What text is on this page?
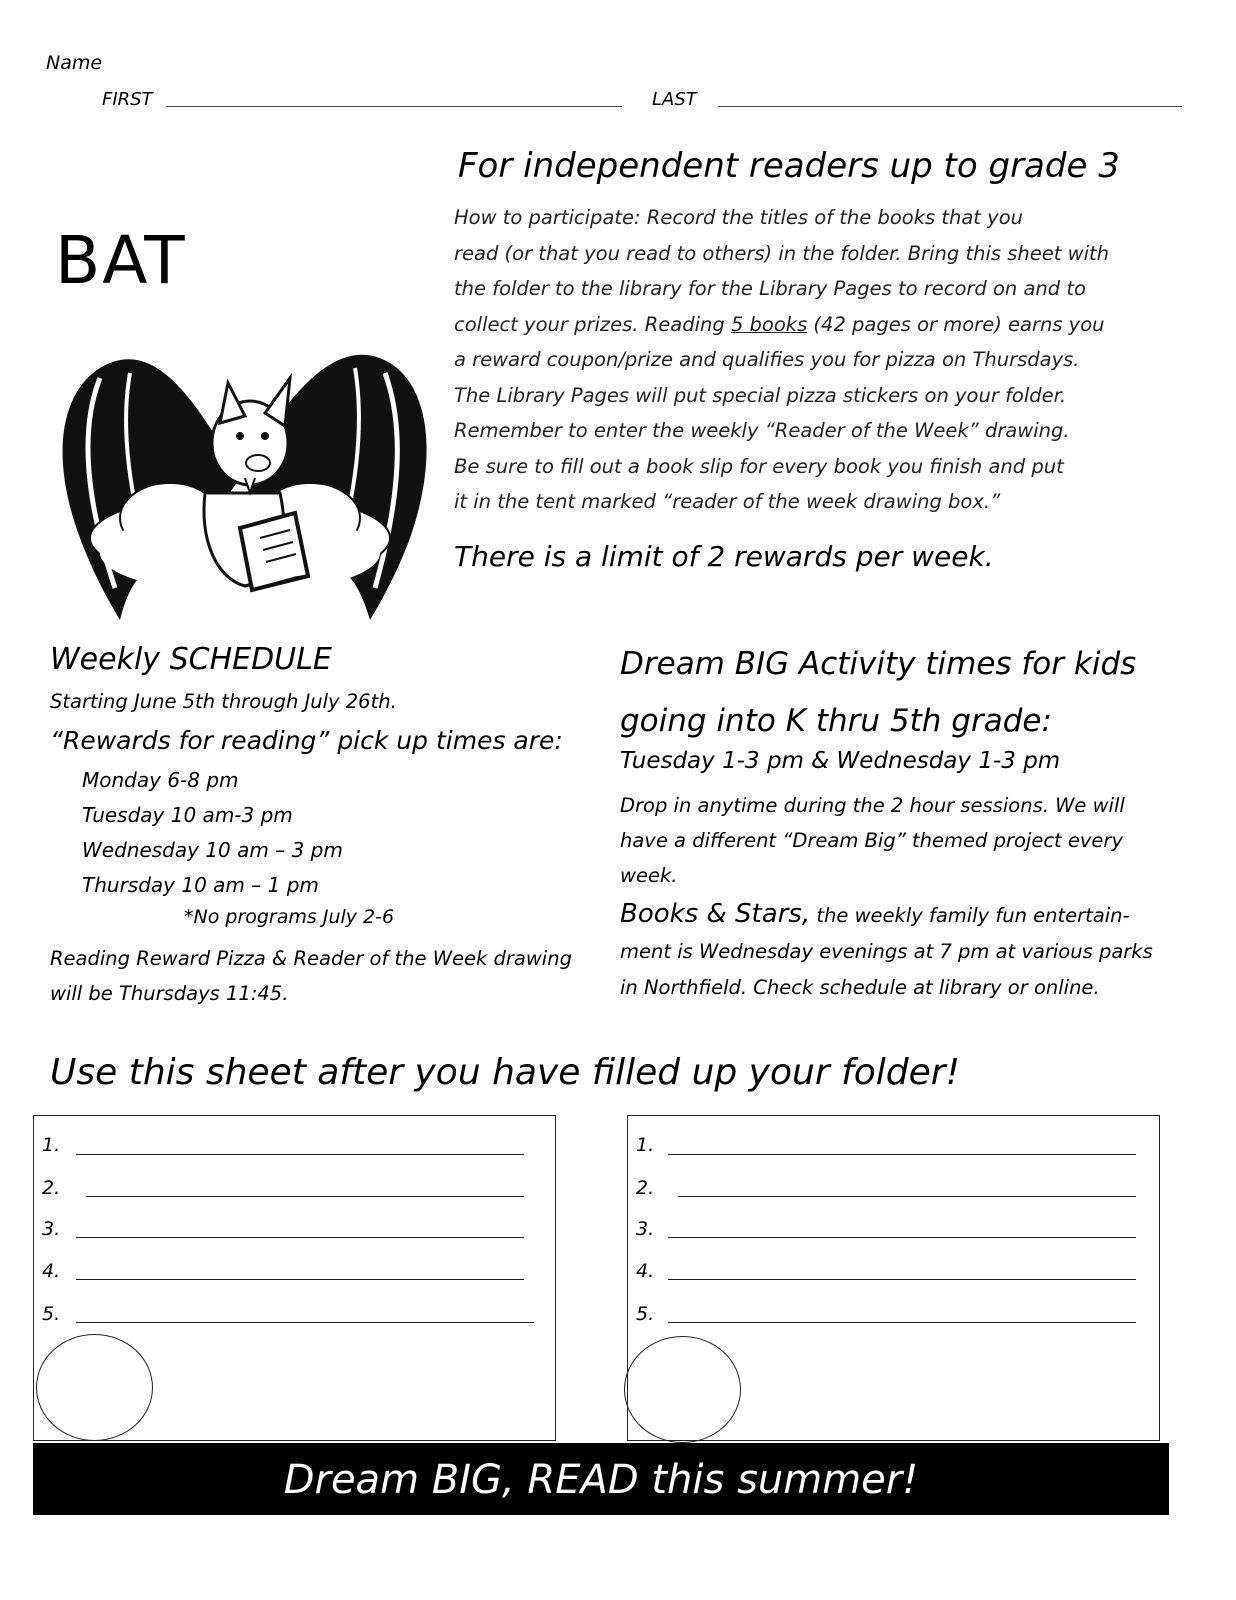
Name
FIRST	LAST
For independent readers up to grade 3
BAT
How to participate: Record the titles of the books that you
read (or that you read to others) in the folder. Bring this sheet with
the folder to the library for the Library Pages to record on and to
collect your prizes. Reading 5 books (42 pages or more) earns you
a reward coupon/prize and qualifies you for pizza on Thursdays.
The Library Pages will put special pizza stickers on your folder.
Remember to enter the weekly “Reader of the Week” drawing.
Be sure to fill out a book slip for every book you finish and put
it in the tent marked “reader of the week drawing box.”
There is a limit of 2 rewards per week.
Weekly SCHEDULE
Starting June 5th through July 26th.
“Rewards for reading” pick up times are:
Monday 6-8 pm
Tuesday 10 am-3 pm
Wednesday 10 am – 3 pm
Thursday 10 am – 1 pm
*No programs July 2-6
Reading Reward Pizza & Reader of the Week drawing
will be Thursdays 11:45.
Dream BIG Activity times for kids
going into K thru 5th grade:
Tuesday 1-3 pm & Wednesday 1-3 pm
Drop in anytime during the 2 hour sessions. We will
have a different “Dream Big” themed project every
week.
Books & Stars, the weekly family fun entertain-
ment is Wednesday evenings at 7 pm at various parks
in Northfield. Check schedule at library or online.
Use this sheet after you have filled up your folder!
1.
2.
3.
4.
5.
1.
2.
3.
4.
5.
Dream BIG, READ this summer!
